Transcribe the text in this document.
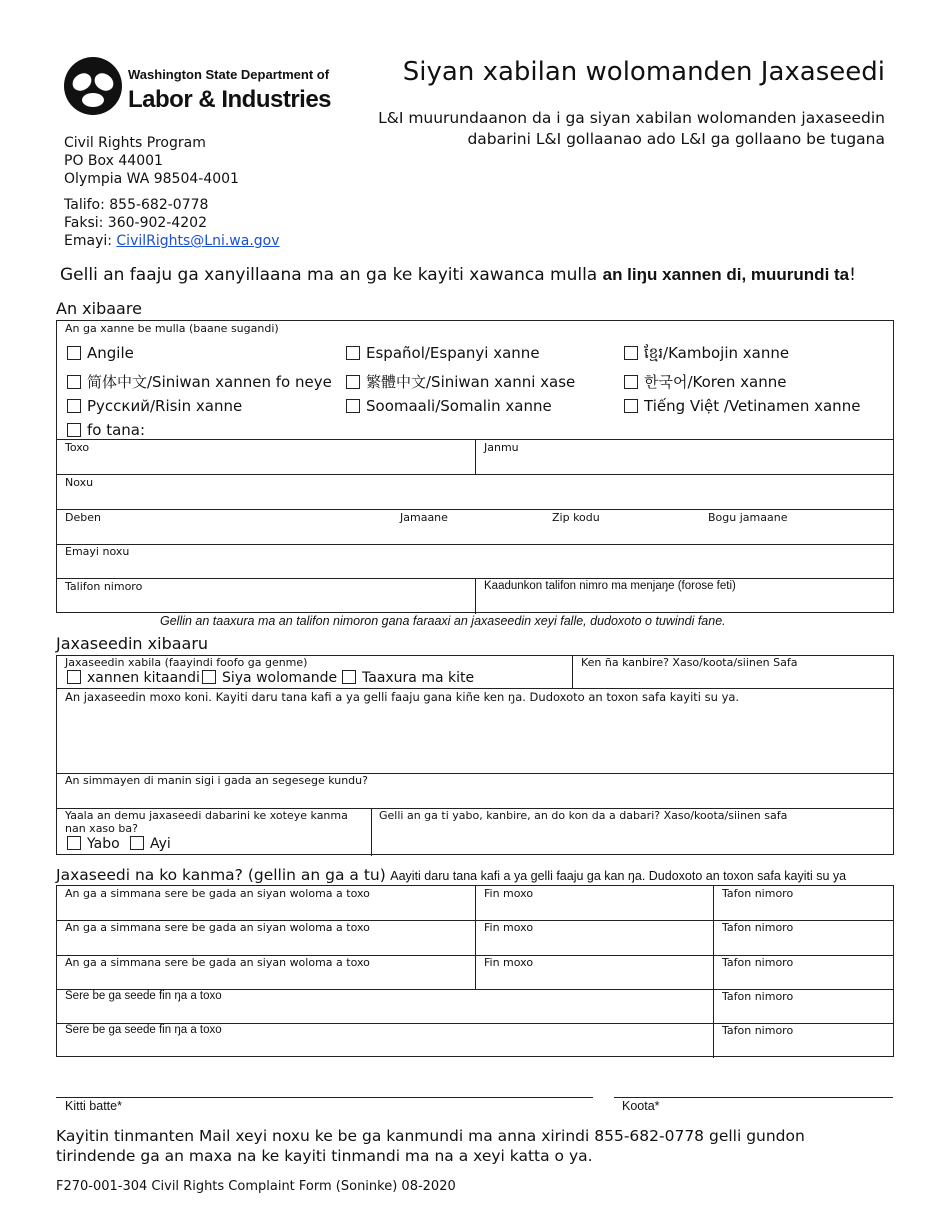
Washington State Department of
Labor & Industries
Siyan xabilan wolomanden Jaxaseedi
L&I muurundaanon da i ga siyan xabilan wolomanden jaxaseedin
dabarini L&I gollaanao ado L&I ga gollaano be tugana
Civil Rights Program
PO Box 44001
Olympia WA 98504-4001
Talifo: 855-682-0778
Faksi: 360-902-4202
Emayi: CivilRights@Lni.wa.gov
Gelli an faaju ga xanyillaana ma an ga ke kayiti xawanca mulla an liŋu xannen di, muurundi ta!
An xibaare
An ga xanne be mulla (baane sugandi)
Angile	Español/Espanyi xanne	ខ្មែរ/Kambojin xanne
简体中文/Siniwan xannen fo neye	繁體中文/Siniwan xanni xase	한국어/Koren xanne
Русский/Risin xanne	Soomaali/Somalin xanne	Tiếng Việt /Vetinamen xanne
fo tana:
Toxo	Janmu
Noxu
Deben	Jamaane	Zip kodu	Bogu jamaane
Emayi noxu
Talifon nimoro	Kaadunkon talifon nimro ma menjaŋe (forose feti)
Gellin an taaxura ma an talifon nimoron gana faraaxi an jaxaseedin xeyi falle, dudoxoto o tuwindi fane.
Jaxaseedin xibaaru
Jaxaseedin xabila (faayindi foofo ga genme)
xannen kitaandi	Siya wolomande	Taaxura ma kite
Ken ña kanbire? Xaso/koota/siinen Safa
An jaxaseedin moxo koni. Kayiti daru tana kafi a ya gelli faaju gana kiñe ken ŋa. Dudoxoto an toxon safa kayiti su ya.
An simmayen di manin sigi i gada an segesege kundu?
Yaala an demu jaxaseedi dabarini ke xoteye kanma nan xaso ba?
Yabo	Ayi
Gelli an ga ti yabo, kanbire, an do kon da a dabari? Xaso/koota/siinen safa
Jaxaseedi na ko kanma? (gellin an ga a tu) Aayiti daru tana kafi a ya gelli faaju ga kan ŋa. Dudoxoto an toxon safa kayiti su ya
An ga a simmana sere be gada an siyan woloma a toxo	Fin moxo	Tafon nimoro
An ga a simmana sere be gada an siyan woloma a toxo	Fin moxo	Tafon nimoro
An ga a simmana sere be gada an siyan woloma a toxo	Fin moxo	Tafon nimoro
Sere be ga seede fin ŋa a toxo	Tafon nimoro
Sere be ga seede fin ŋa a toxo	Tafon nimoro
Kitti batte*	Koota*
Kayitin tinmanten Mail xeyi noxu ke be ga kanmundi ma anna xirindi 855-682-0778 gelli gundon
tirindende ga an maxa na ke kayiti tinmandi ma na a xeyi katta o ya.
F270-001-304 Civil Rights Complaint Form (Soninke) 08-2020
